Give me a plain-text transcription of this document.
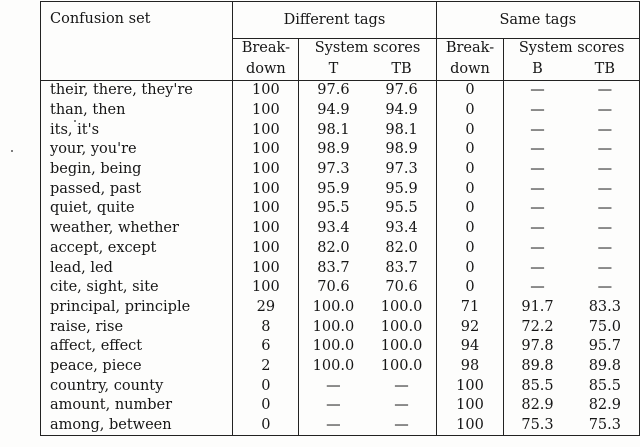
Confusion set	Different tags			Same tags		
	Break-	System scores		Break-	System scores	
	down	T	TB	down	B	TB
their, there, they're	100	97.6	97.6	0	—	—
than, then	100	94.9	94.9	0	—	—
its, it's	100	98.1	98.1	0	—	—
your, you're	100	98.9	98.9	0	—	—
begin, being	100	97.3	97.3	0	—	—
passed, past	100	95.9	95.9	0	—	—
quiet, quite	100	95.5	95.5	0	—	—
weather, whether	100	93.4	93.4	0	—	—
accept, except	100	82.0	82.0	0	—	—
lead, led	100	83.7	83.7	0	—	—
cite, sight, site	100	70.6	70.6	0	—	—
principal, principle	29	100.0	100.0	71	91.7	83.3
raise, rise	8	100.0	100.0	92	72.2	75.0
affect, effect	6	100.0	100.0	94	97.8	95.7
peace, piece	2	100.0	100.0	98	89.8	89.8
country, county	0	—	—	100	85.5	85.5
amount, number	0	—	—	100	82.9	82.9
among, between	0	—	—	100	75.3	75.3
